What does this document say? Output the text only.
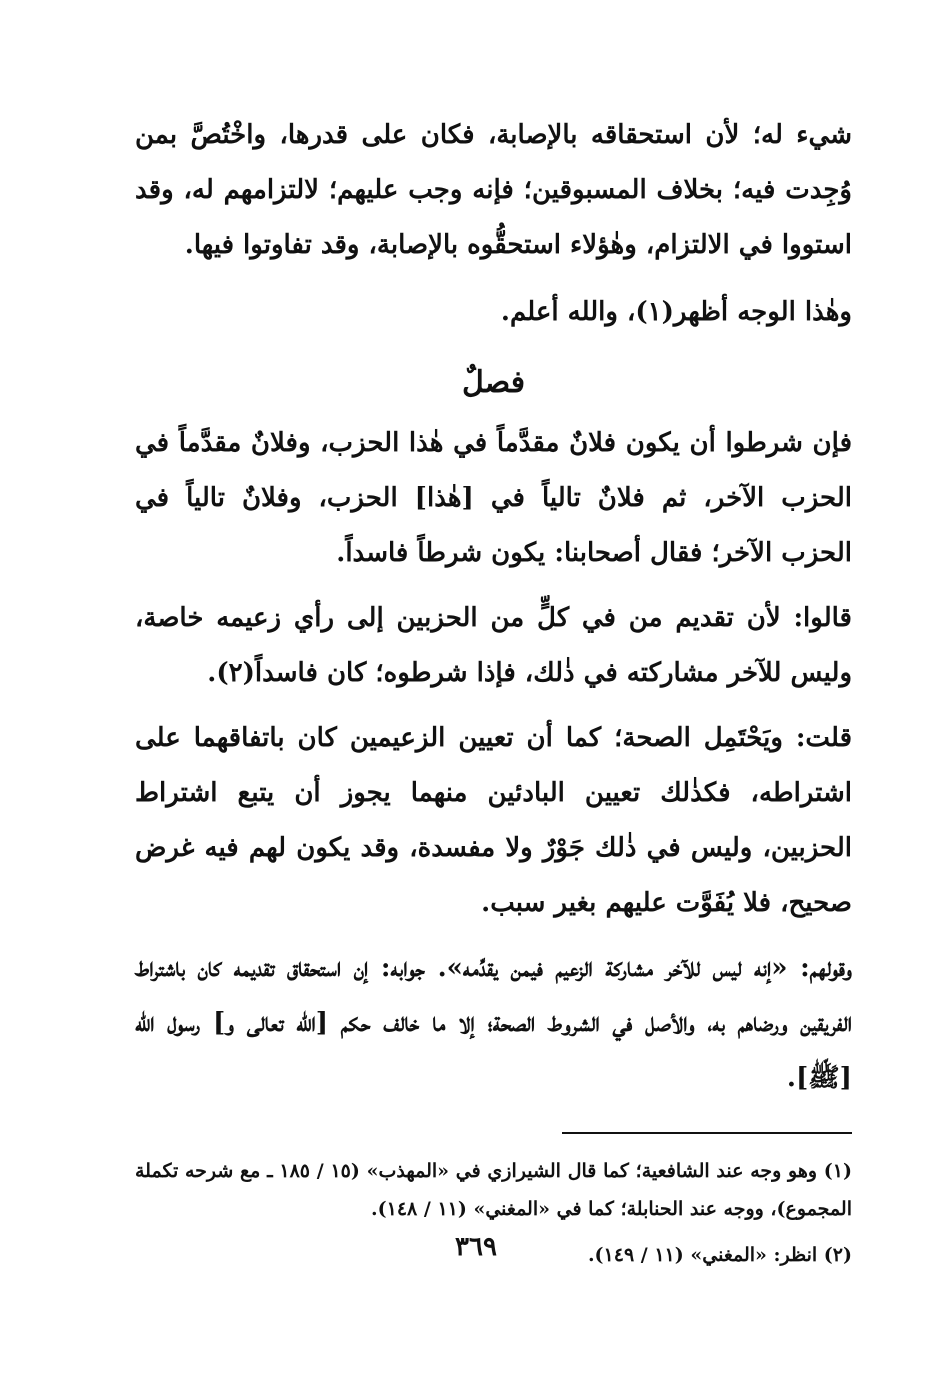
شيء له؛ لأن استحقاقه بالإصابة، فكان على قدرها، واخْتُصَّ بمن وُجِدت فيه؛ بخلاف المسبوقين؛ فإنه وجب عليهم؛ لالتزامهم له، وقد استووا في الالتزام، وهٰؤلاء استحقُّوه بالإصابة، وقد تفاوتوا فيها.

وهٰذا الوجه أظهر(١)، والله أعلم.

فصلٌ

فإن شرطوا أن يكون فلانٌ مقدَّماً في هٰذا الحزب، وفلانٌ مقدَّماً في الحزب الآخر، ثم فلانٌ تالياً في [هٰذا] الحزب، وفلانٌ تالياً في الحزب الآخر؛ فقال أصحابنا: يكون شرطاً فاسداً.

قالوا: لأن تقديم من في كلٍّ من الحزبين إلى رأي زعيمه خاصة، وليس للآخر مشاركته في ذٰلك، فإذا شرطوه؛ كان فاسداً(٢).

قلت: ويَحْتَمِل الصحة؛ كما أن تعيين الزعيمين كان باتفاقهما على اشتراطه، فكذٰلك تعيين البادئين منهما يجوز أن يتبع اشتراط الحزبين، وليس في ذٰلك جَوْرٌ ولا مفسدة، وقد يكون لهم فيه غرض صحيح، فلا يُفَوَّت عليهم بغير سبب.

وقولهم: «إنه ليس للآخر مشاركة الزعيم فيمن يقدِّمه». جوابه: إن استحقاق تقديمه كان باشتراط الفريقين ورضاهم به، والأصل في الشروط الصحة؛ إلا ما خالف حكم [الله تعالى و] رسول الله [ﷺ].

(١) وهو وجه عند الشافعية؛ كما قال الشيرازي في «المهذب» (١٥ / ١٨٥ ـ مع شرحه تكملة المجموع)، ووجه عند الحنابلة؛ كما في «المغني» (١١ / ١٤٨).

(٢) انظر: «المغني» (١١ / ١٤٩).

٣٦٩
